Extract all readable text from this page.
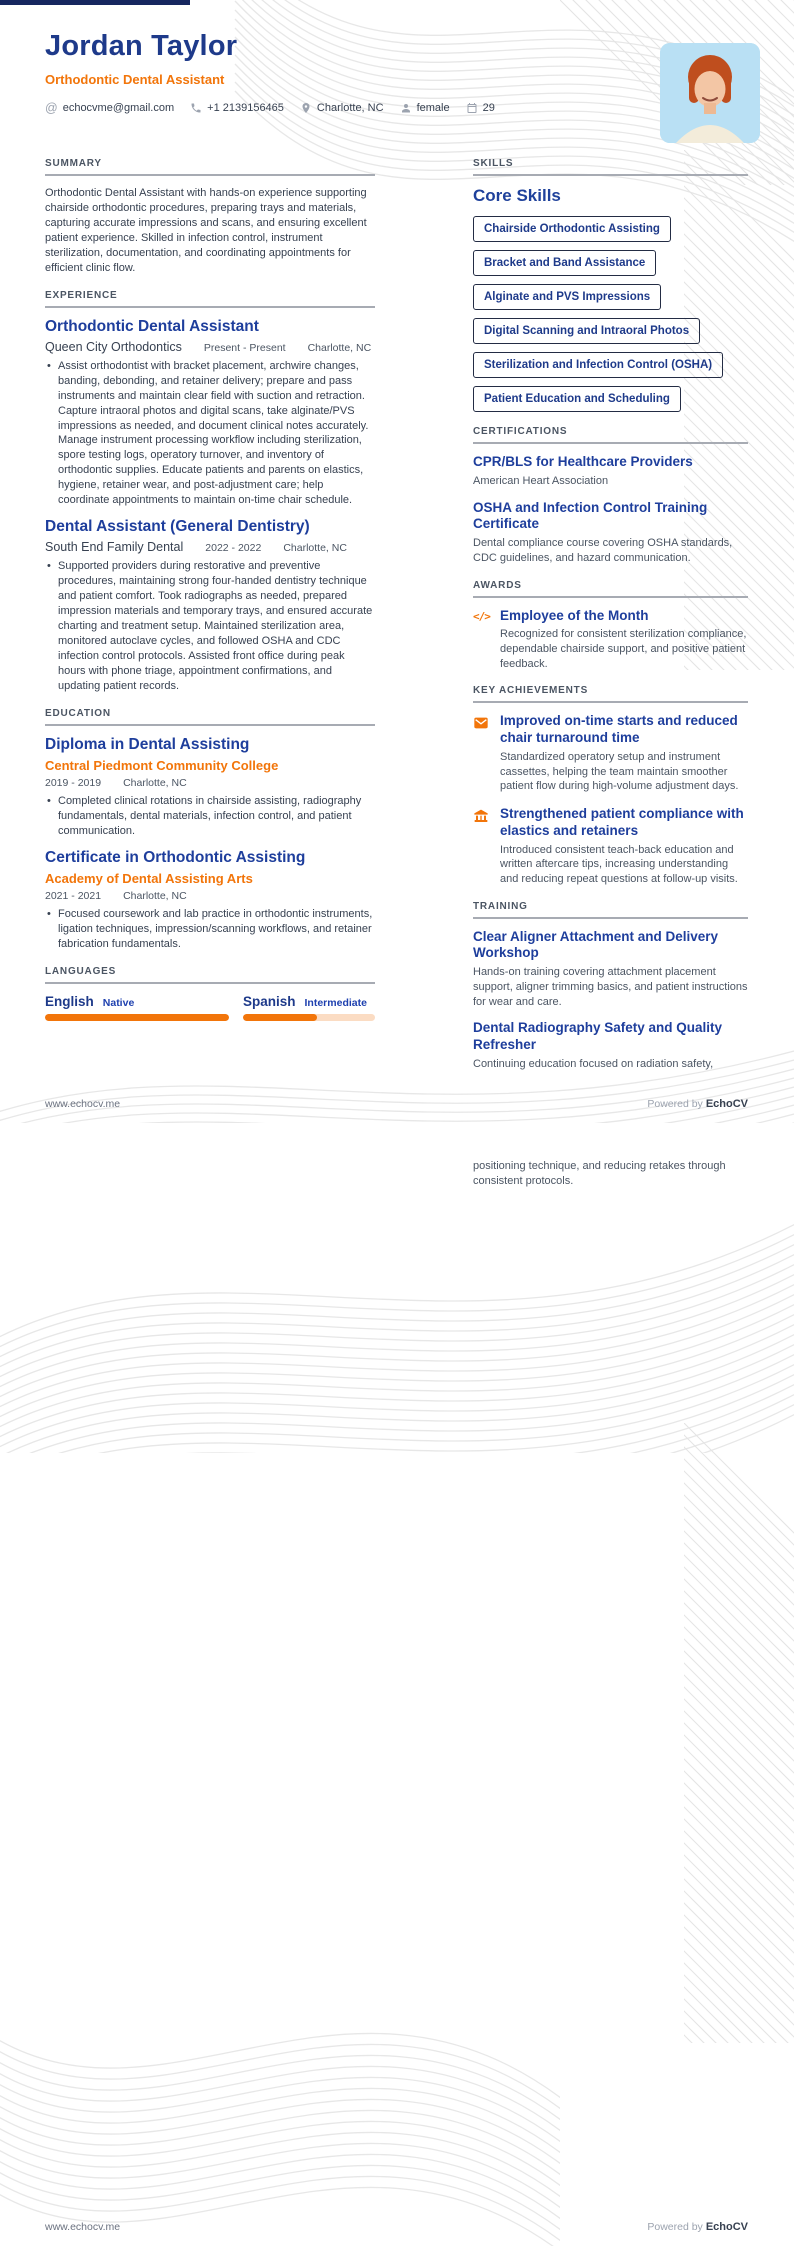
Jordan Taylor
Orthodontic Dental Assistant
@ echocvme@gmail.com	+1 2139156465	Charlotte, NC	female	29
SUMMARY

Orthodontic Dental Assistant with hands-on experience supporting chairside orthodontic procedures, preparing trays and materials, capturing accurate impressions and scans, and ensuring excellent patient experience. Skilled in infection control, instrument sterilization, documentation, and coordinating appointments for efficient clinic flow.

EXPERIENCE
Orthodontic Dental Assistant
Queen City Orthodontics Present - Present Charlotte, NC

• Assist orthodontist with bracket placement, archwire changes, banding, debonding, and retainer delivery; prepare and pass instruments and maintain clear field with suction and retraction. Capture intraoral photos and digital scans, take alginate/PVS impressions as needed, and document clinical notes accurately. Manage instrument processing workflow including sterilization, spore testing logs, operatory turnover, and inventory of orthodontic supplies. Educate patients and parents on elastics, hygiene, retainer wear, and post-adjustment care; help coordinate appointments to maintain on-time chair schedule.

Dental Assistant (General Dentistry)
South End Family Dental 2022 - 2022 Charlotte, NC

• Supported providers during restorative and preventive procedures, maintaining strong four-handed dentistry technique and patient comfort. Took radiographs as needed, prepared impression materials and temporary trays, and ensured accurate charting and treatment setup. Maintained sterilization area, monitored autoclave cycles, and followed OSHA and CDC infection control protocols. Assisted front office during peak hours with phone triage, appointment confirmations, and updating patient records.

EDUCATION
Diploma in Dental Assisting
Central Piedmont Community College
2019 - 2019 Charlotte, NC

• Completed clinical rotations in chairside assisting, radiography fundamentals, dental materials, infection control, and patient communication.

Certificate in Orthodontic Assisting
Academy of Dental Assisting Arts
2021 - 2021 Charlotte, NC

• Focused coursework and lab practice in orthodontic instruments, ligation techniques, impression/scanning workflows, and retainer fabrication fundamentals.

LANGUAGES
English Native	Spanish Intermediate
SKILLS
Core Skills
Chairside Orthodontic Assisting
Bracket and Band Assistance
Alginate and PVS Impressions
Digital Scanning and Intraoral Photos
Sterilization and Infection Control (OSHA)
Patient Education and Scheduling
CERTIFICATIONS
CPR/BLS for Healthcare Providers

American Heart Association

OSHA and Infection Control Training Certificate

Dental compliance course covering OSHA standards, CDC guidelines, and hazard communication.

AWARDS
</> Employee of the Month

Recognized for consistent sterilization compliance, dependable chairside support, and positive patient feedback.

KEY ACHIEVEMENTS
Improved on-time starts and reduced chair turnaround time

Standardized operatory setup and instrument cassettes, helping the team maintain smoother patient flow during high-volume adjustment days.

Strengthened patient compliance with elastics and retainers

Introduced consistent teach-back education and written aftercare tips, increasing understanding and reducing repeat questions at follow-up visits.

TRAINING
Clear Aligner Attachment and Delivery Workshop

Hands-on training covering attachment placement support, aligner trimming basics, and patient instructions for wear and care.

Dental Radiography Safety and Quality Refresher

Continuing education focused on radiation safety,

www.echocv.me	Powered by EchoCV

positioning technique, and reducing retakes through consistent protocols.

www.echocv.me	Powered by EchoCV
